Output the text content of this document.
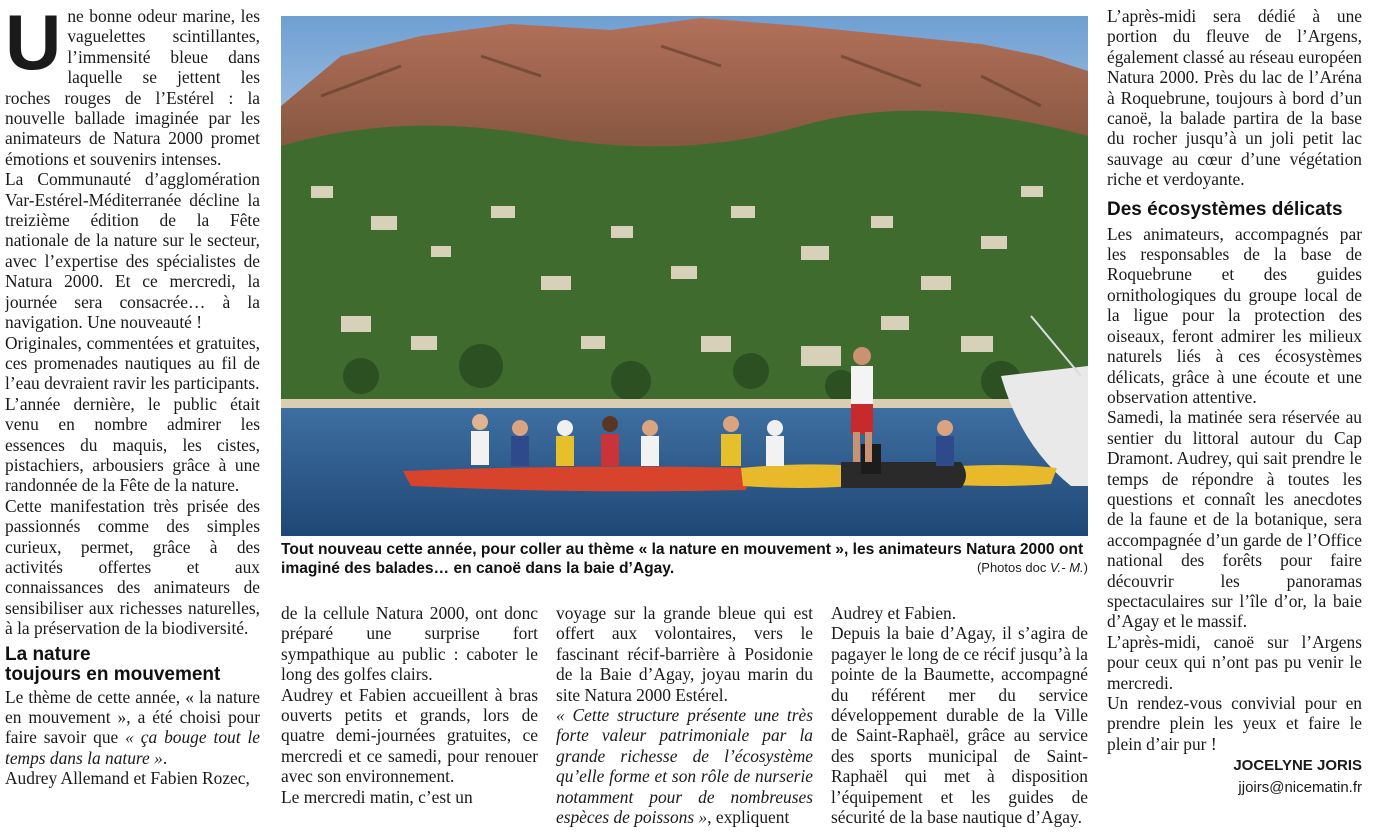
Une bonne odeur marine, les vaguelettes scintillantes, l’immensité bleue dans laquelle se jettent les roches rouges de l’Estérel : la nouvelle ballade imaginée par les animateurs de Natura 2000 promet émotions et souvenirs intenses.

La Communauté d’agglomération Var-Estérel-Méditerranée décline la treizième édition de la Fête nationale de la nature sur le secteur, avec l’expertise des spécialistes de Natura 2000. Et ce mercredi, la journée sera consacrée… à la navigation. Une nouveauté !

Originales, commentées et gratuites, ces promenades nautiques au fil de l’eau devraient ravir les participants.

L’année dernière, le public était venu en nombre admirer les essences du maquis, les cistes, pistachiers, arbousiers grâce à une randonnée de la Fête de la nature.

Cette manifestation très prisée des passionnés comme des simples curieux, permet, grâce à des activités offertes et aux connaissances des animateurs de sensibiliser aux richesses naturelles, à la préservation de la biodiversité.

La nature
toujours en mouvement

Le thème de cette année, « la nature en mouvement », a été choisi pour faire savoir que « ça bouge tout le temps dans la nature ».

Audrey Allemand et Fabien Rozec,

Tout nouveau cette année, pour coller au thème « la nature en mouvement », les animateurs Natura 2000 ont imaginé des balades… en canoë dans la baie d’Agay.	(Photos doc V.- M.)

de la cellule Natura 2000, ont donc préparé une surprise fort sympathique au public : caboter le long des golfes clairs.

Audrey et Fabien accueillent à bras ouverts petits et grands, lors de quatre demi-journées gratuites, ce mercredi et ce samedi, pour renouer avec son environnement.

Le mercredi matin, c’est un

voyage sur la grande bleue qui est offert aux volontaires, vers le fascinant récif-barrière à Posidonie de la Baie d’Agay, joyau marin du site Natura 2000 Estérel.

« Cette structure présente une très forte valeur patrimoniale par la grande richesse de l’écosystème qu’elle forme et son rôle de nurserie notamment pour de nombreuses espèces de poissons », expliquent

Audrey et Fabien.

Depuis la baie d’Agay, il s’agira de pagayer le long de ce récif jusqu’à la pointe de la Baumette, accompagné du référent mer du service développement durable de la Ville de Saint-Raphaël, grâce au service des sports municipal de Saint-Raphaël qui met à disposition l’équipement et les guides de sécurité de la base nautique d’Agay.

L’après-midi sera dédié à une portion du fleuve de l’Argens, également classé au réseau européen Natura 2000. Près du lac de l’Aréna à Roquebrune, toujours à bord d’un canoë, la balade partira de la base du rocher jusqu’à un joli petit lac sauvage au cœur d’une végétation riche et verdoyante.

Des écosystèmes délicats

Les animateurs, accompagnés par les responsables de la base de Roquebrune et des guides ornithologiques du groupe local de la ligue pour la protection des oiseaux, feront admirer les milieux naturels liés à ces écosystèmes délicats, grâce à une écoute et une observation attentive.

Samedi, la matinée sera réservée au sentier du littoral autour du Cap Dramont. Audrey, qui sait prendre le temps de répondre à toutes les questions et connaît les anecdotes de la faune et de la botanique, sera accompagnée d’un garde de l’Office national des forêts pour faire découvrir les panoramas spectaculaires sur l’île d’or, la baie d’Agay et le massif.

L’après-midi, canoë sur l’Argens pour ceux qui n’ont pas pu venir le mercredi.

Un rendez-vous convivial pour en prendre plein les yeux et faire le plein d’air pur !

JOCELYNE JORIS
jjoirs@nicematin.fr
